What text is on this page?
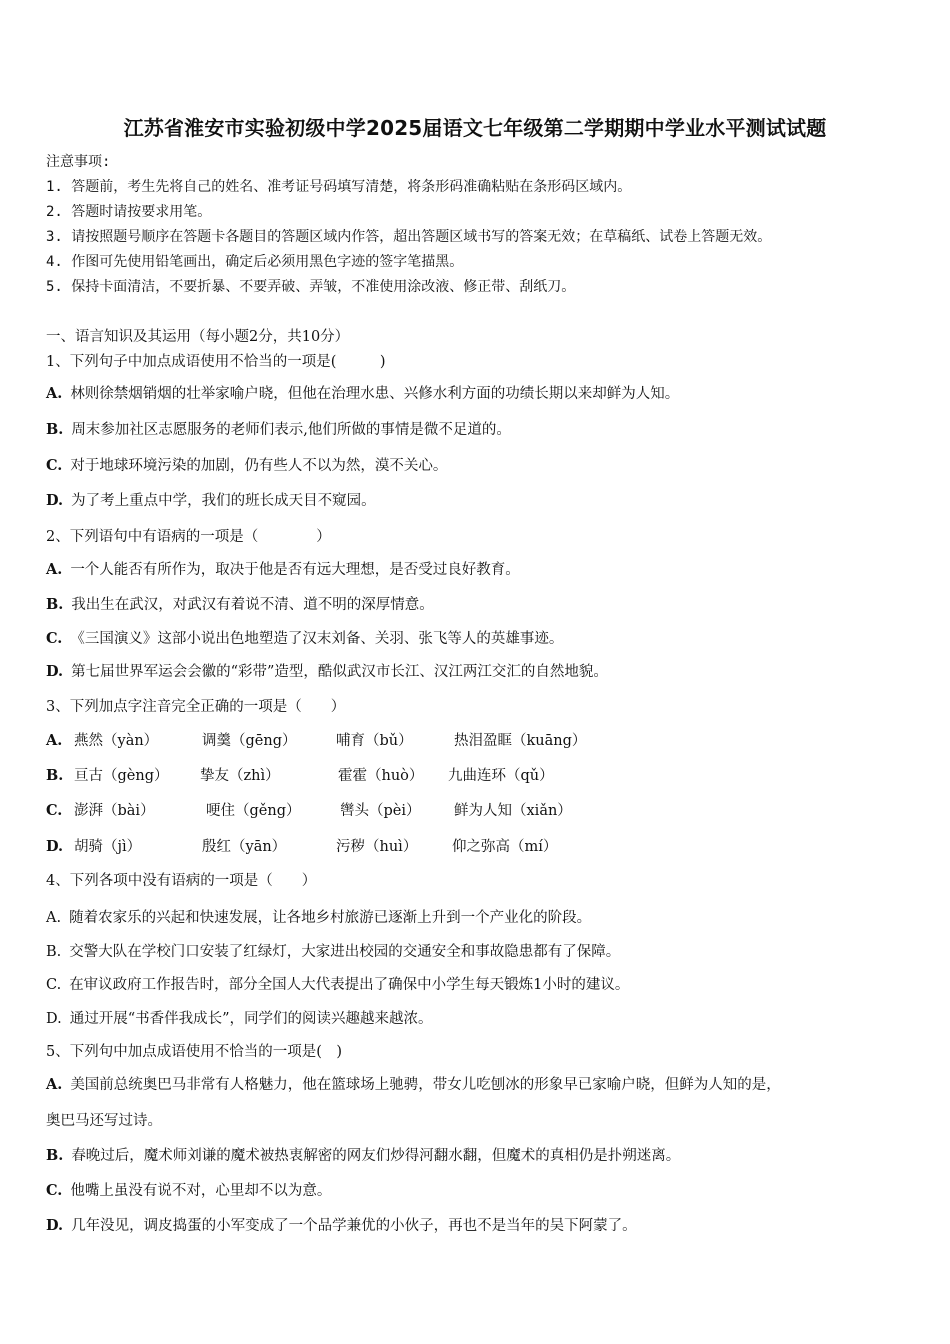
江苏省淮安市实验初级中学2025届语文七年级第二学期期中学业水平测试试题
注意事项:
1. 答题前，考生先将自己的姓名、准考证号码填写清楚，将条形码准确粘贴在条形码区域内。
2. 答题时请按要求用笔。
3. 请按照题号顺序在答题卡各题目的答题区域内作答，超出答题区域书写的答案无效；在草稿纸、试卷上答题无效。
4. 作图可先使用铅笔画出，确定后必须用黑色字迹的签字笔描黑。
5. 保持卡面清洁，不要折暴、不要弄破、弄皱，不准使用涂改液、修正带、刮纸刀。
一、语言知识及其运用（每小题2分，共10分）
1、下列句子中加点成语使用不恰当的一项是(　　　)
A. 林则徐禁烟销烟的壮举家喻户晓，但他在治理水患、兴修水利方面的功绩长期以来却鲜为人知。
B. 周末参加社区志愿服务的老师们表示,他们所做的事情是微不足道的。
C. 对于地球环境污染的加剧，仍有些人不以为然，漠不关心。
D. 为了考上重点中学，我们的班长成天目不窥园。
2、下列语句中有语病的一项是（　　　　）
A. 一个人能否有所作为，取决于他是否有远大理想，是否受过良好教育。
B. 我出生在武汉，对武汉有着说不清、道不明的深厚情意。
C. 《三国演义》这部小说出色地塑造了汉末刘备、关羽、张飞等人的英雄事迹。
D. 第七届世界军运会会徽的“彩带”造型，酷似武汉市长江、汉江两江交汇的自然地貌。
3、下列加点字注音完全正确的一项是（　　）
A. 燕然（yàn）	调羹（gēng）	哺育（bǔ）	热泪盈眶（kuāng）
B. 亘古（gèng） 挚友（zhì）	霍霍（huò） 九曲连环（qǔ）
C. 澎湃（bài）	哽住（gěng）	辔头（pèi） 鲜为人知（xiǎn）
D. 胡骑（jì）	殷红（yān）	污秽（huì） 仰之弥高（mí）
4、下列各项中没有语病的一项是（　　）
A. 随着农家乐的兴起和快速发展，让各地乡村旅游已逐渐上升到一个产业化的阶段。
B. 交警大队在学校门口安装了红绿灯，大家进出校园的交通安全和事故隐患都有了保障。
C. 在审议政府工作报告时，部分全国人大代表提出了确保中小学生每天锻炼1小时的建议。
D. 通过开展“书香伴我成长”，同学们的阅读兴趣越来越浓。
5、下列句中加点成语使用不恰当的一项是(　)
A. 美国前总统奥巴马非常有人格魅力，他在篮球场上驰骋，带女儿吃刨冰的形象早已家喻户晓，但鲜为人知的是，
奥巴马还写过诗。
B. 春晚过后，魔术师刘谦的魔术被热衷解密的网友们炒得河翻水翻，但魔术的真相仍是扑朔迷离。
C. 他嘴上虽没有说不对，心里却不以为意。
D. 几年没见，调皮捣蛋的小军变成了一个品学兼优的小伙子，再也不是当年的吴下阿蒙了。
